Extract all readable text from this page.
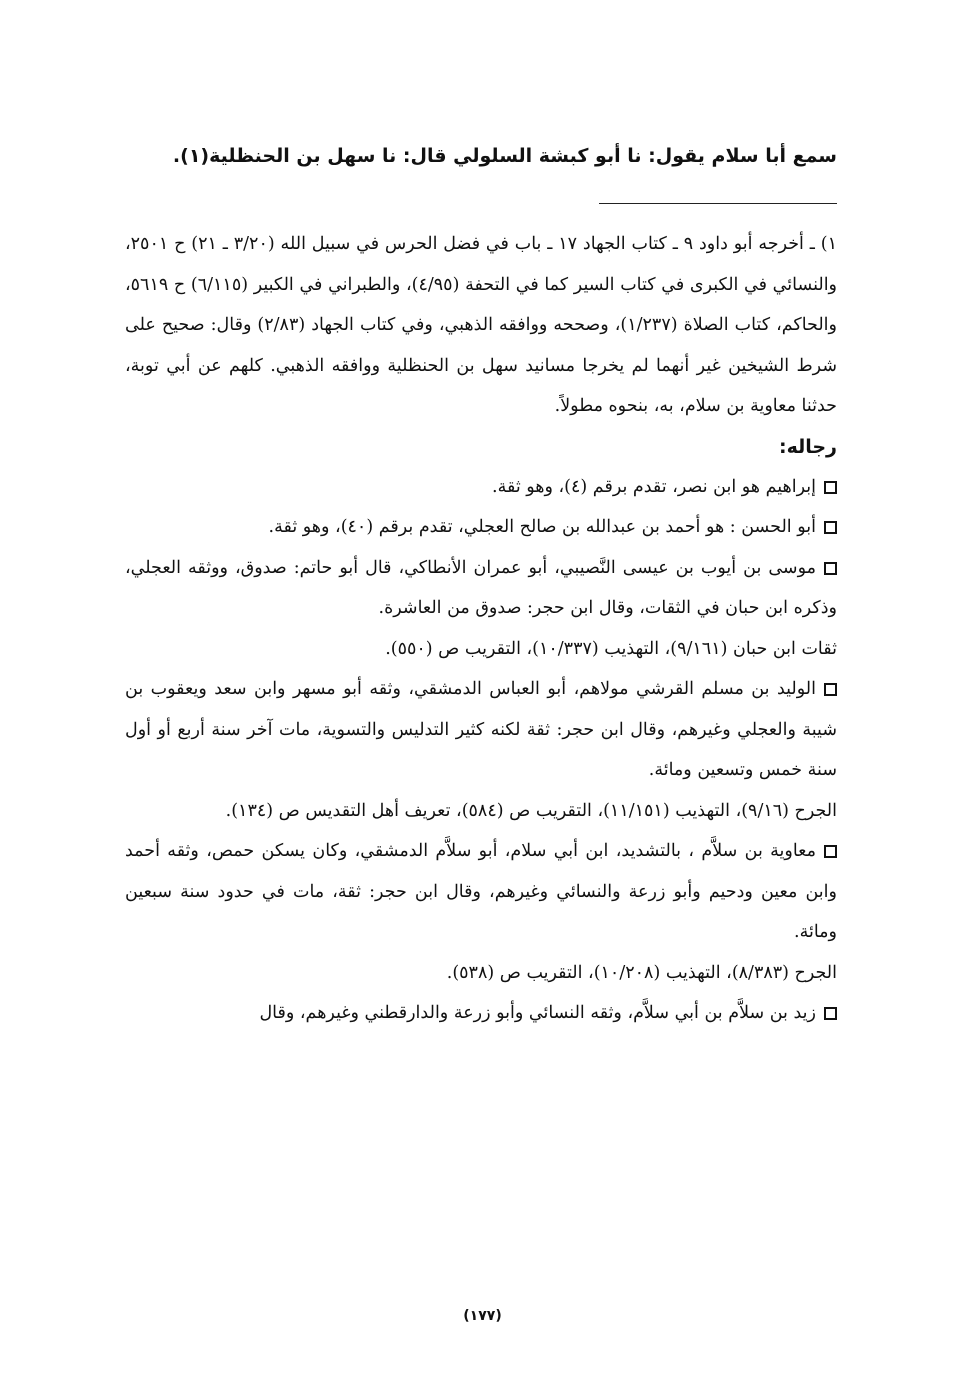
سمع أبا سلام يقول: نا أبو كبشة السلولي قال: نا سهل بن الحنظلية(١).

١) ـ أخرجه أبو داود ٩ ـ كتاب الجهاد ١٧ ـ باب في فضل الحرس في سبيل الله (٣/٢٠ ـ ٢١) ح ٢٥٠١، والنسائي في الكبرى في كتاب السير كما في التحفة (٤/٩٥)، والطبراني في الكبير (٦/١١٥) ح ٥٦١٩، والحاكم، كتاب الصلاة (١/٢٣٧)، وصححه ووافقه الذهبي، وفي كتاب الجهاد (٢/٨٣) وقال: صحيح على شرط الشيخين غير أنهما لم يخرجا مسانيد سهل بن الحنظلية ووافقه الذهبي. كلهم عن أبي توبة، حدثنا معاوية بن سلام، به، بنحوه مطولاً.

رجاله:

إبراهيم هو ابن نصر، تقدم برقم (٤)، وهو ثقة.

أبو الحسن : هو أحمد بن عبدالله بن صالح العجلي، تقدم برقم (٤٠)، وهو ثقة.

موسى بن أيوب بن عيسى النَّصيبي، أبو عمران الأنطاكي، قال أبو حاتم: صدوق، ووثقه العجلي، وذكره ابن حبان في الثقات، وقال ابن حجر: صدوق من العاشرة.

ثقات ابن حبان (٩/١٦١)، التهذيب (١٠/٣٣٧)، التقريب ص (٥٥٠).

الوليد بن مسلم القرشي مولاهم، أبو العباس الدمشقي، وثقه أبو مسهر وابن سعد ويعقوب بن شيبة والعجلي وغيرهم، وقال ابن حجر: ثقة لكنه كثير التدليس والتسوية، مات آخر سنة أربع أو أول سنة خمس وتسعين ومائة.

الجرح (٩/١٦)، التهذيب (١١/١٥١)، التقريب ص (٥٨٤)، تعريف أهل التقديس ص (١٣٤).

معاوية بن سلاَّم ، بالتشديد، ابن أبي سلام، أبو سلاَّم الدمشقي، وكان يسكن حمص، وثقه أحمد وابن معين ودحيم وأبو زرعة والنسائي وغيرهم، وقال ابن حجر: ثقة، مات في حدود سنة سبعين ومائة.

الجرح (٨/٣٨٣)، التهذيب (١٠/٢٠٨)، التقريب ص (٥٣٨).

زيد بن سلاَّم بن أبي سلاَّم، وثقه النسائي وأبو زرعة والدارقطني وغيرهم، وقال

(١٧٧)
